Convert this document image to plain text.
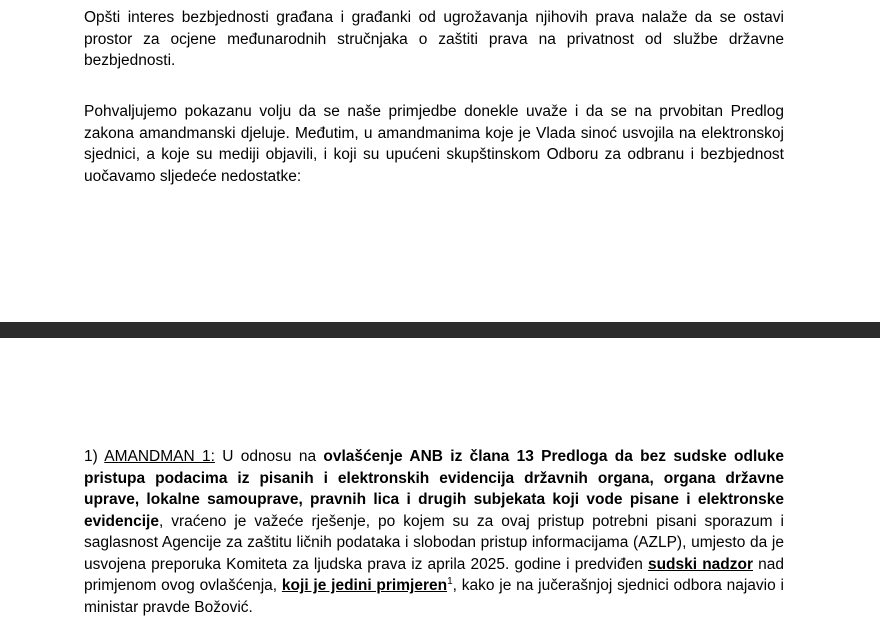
Opšti interes bezbjednosti građana i građanki od ugrožavanja njihovih prava nalaže da se ostavi prostor za ocjene međunarodnih stručnjaka o zaštiti prava na privatnost od službe državne bezbjednosti.

Pohvaljujemo pokazanu volju da se naše primjedbe donekle uvaže i da se na prvobitan Predlog zakona amandmanski djeluje. Međutim, u amandmanima koje je Vlada sinoć usvojila na elektronskoj sjednici, a koje su mediji objavili, i koji su upućeni skupštinskom Odboru za odbranu i bezbjednost uočavamo sljedeće nedostatke:

1) AMANDMAN 1: U odnosu na ovlašćenje ANB iz člana 13 Predloga da bez sudske odluke pristupa podacima iz pisanih i elektronskih evidencija državnih organa, organa državne uprave, lokalne samouprave, pravnih lica i drugih subjekata koji vode pisane i elektronske evidencije, vraćeno je važeće rješenje, po kojem su za ovaj pristup potrebni pisani sporazum i saglasnost Agencije za zaštitu ličnih podataka i slobodan pristup informacijama (AZLP), umjesto da je usvojena preporuka Komiteta za ljudska prava iz aprila 2025. godine i predviđen sudski nadzor nad primjenom ovog ovlašćenja, koji je jedini primjeren$^1$, kako je na jučerašnjoj sjednici odbora najavio i ministar pravde Božović.
